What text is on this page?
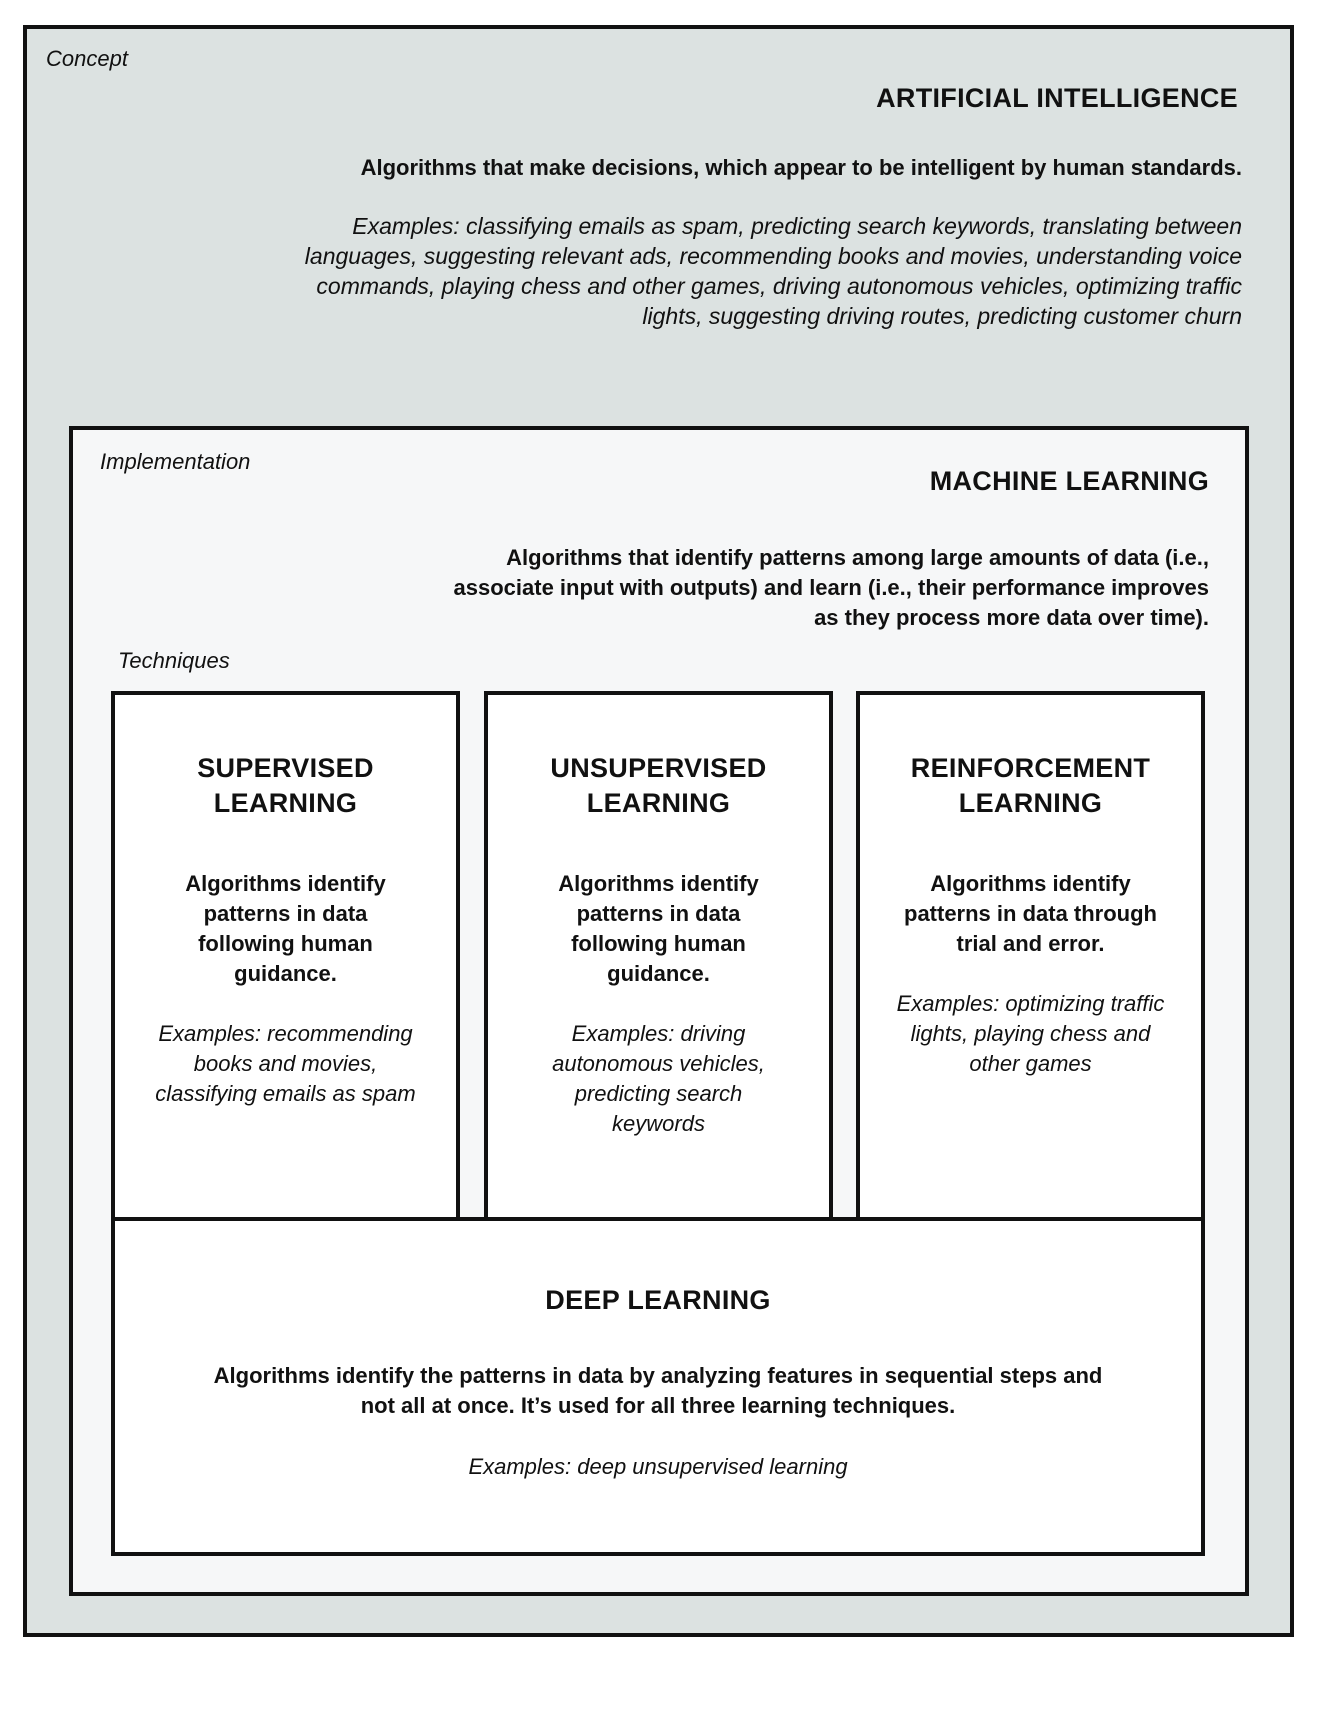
Concept
ARTIFICIAL INTELLIGENCE
Algorithms that make decisions, which appear to be intelligent by human standards.
Examples: classifying emails as spam, predicting search keywords, translating between languages, suggesting relevant ads, recommending books and movies, understanding voice commands, playing chess and other games, driving autonomous vehicles, optimizing traffic lights, suggesting driving routes, predicting customer churn
Implementation
MACHINE LEARNING
Algorithms that identify patterns among large amounts of data (i.e., associate input with outputs) and learn (i.e., their performance improves as they process more data over time).
Techniques
SUPERVISED LEARNING
Algorithms identify patterns in data following human guidance.
Examples: recommending books and movies, classifying emails as spam
UNSUPERVISED LEARNING
Algorithms identify patterns in data following human guidance.
Examples: driving autonomous vehicles, predicting search keywords
REINFORCEMENT LEARNING
Algorithms identify patterns in data through trial and error.
Examples: optimizing traffic lights, playing chess and other games
DEEP LEARNING
Algorithms identify the patterns in data by analyzing features in sequential steps and not all at once. It’s used for all three learning techniques.
Examples: deep unsupervised learning
